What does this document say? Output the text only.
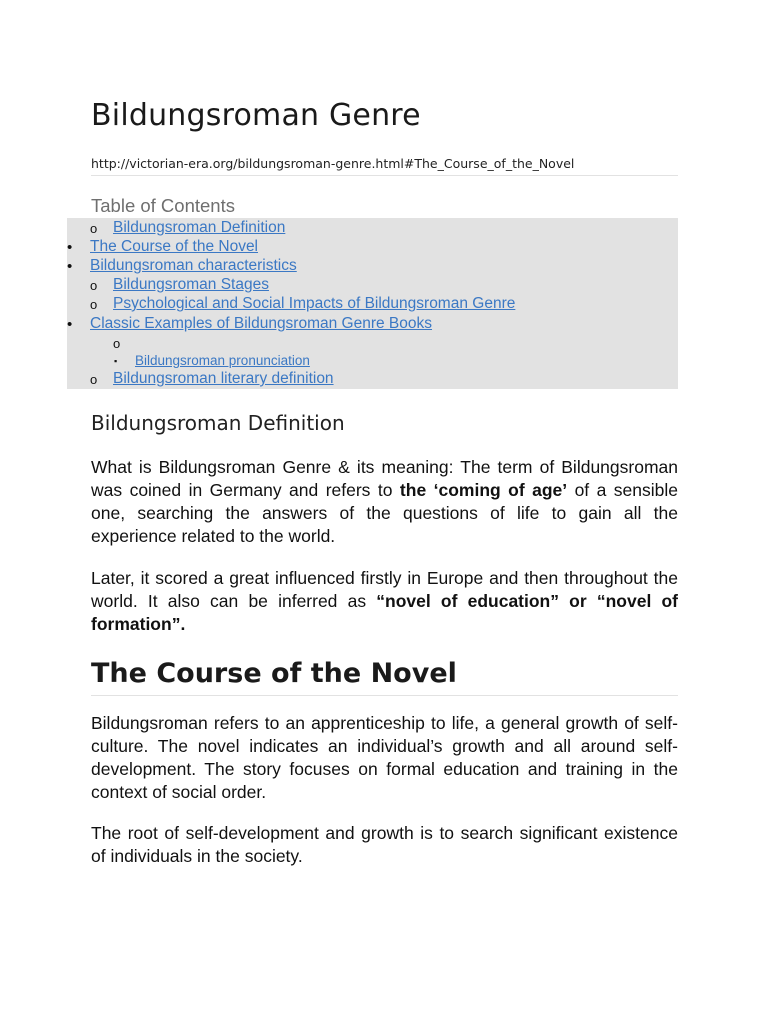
Bildungsroman Genre
http://victorian-era.org/bildungsroman-genre.html#The_Course_of_the_Novel
Table of Contents
o Bildungsroman Definition
• The Course of the Novel
• Bildungsroman characteristics
o Bildungsroman Stages
o Psychological and Social Impacts of Bildungsroman Genre
• Classic Examples of Bildungsroman Genre Books
o
▪ Bildungsroman pronunciation
o Bildungsroman literary definition
Bildungsroman Definition

What is Bildungsroman Genre & its meaning: The term of Bildungsroman was coined in Germany and refers to the ‘coming of age’ of a sensible one, searching the answers of the questions of life to gain all the experience related to the world.

Later, it scored a great influenced firstly in Europe and then throughout the world. It also can be inferred as “novel of education” or “novel of formation”.

The Course of the Novel

Bildungsroman refers to an apprenticeship to life, a general growth of self-culture. The novel indicates an individual’s growth and all around self-development. The story focuses on formal education and training in the context of social order.

The root of self-development and growth is to search significant existence of individuals in the society.
